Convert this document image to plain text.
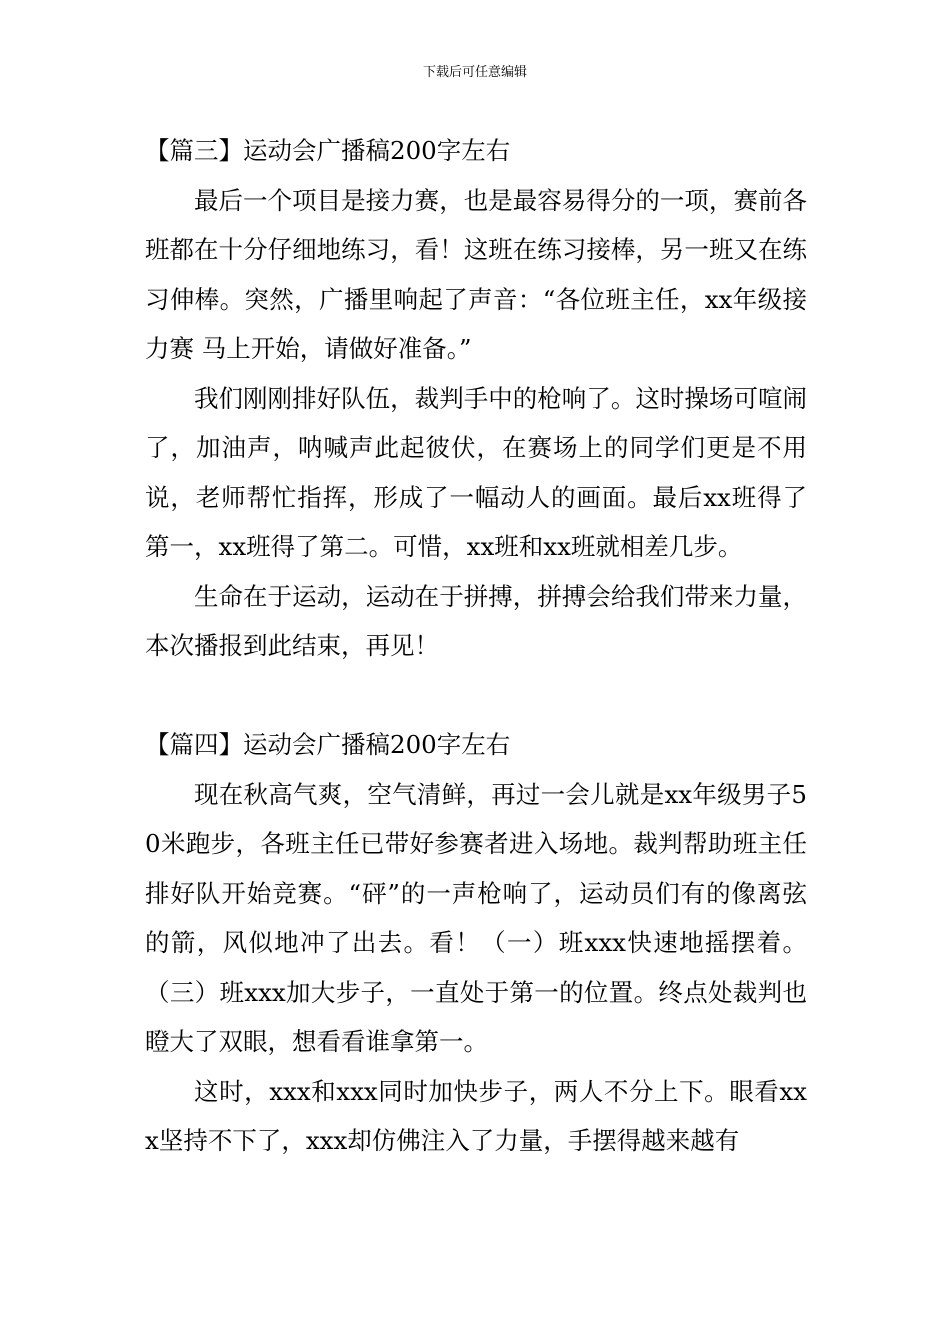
下载后可任意编辑
【篇三】运动会广播稿200字左右

最后一个项目是接力赛，也是最容易得分的一项，赛前各班都在十分仔细地练习，看！这班在练习接棒，另一班又在练习伸棒。突然，广播里响起了声音：“各位班主任，xx年级接力赛 马上开始，请做好准备。”

我们刚刚排好队伍，裁判手中的枪响了。这时操场可喧闹了，加油声，呐喊声此起彼伏，在赛场上的同学们更是不用说，老师帮忙指挥，形成了一幅动人的画面。最后xx班得了第一，xx班得了第二。可惜，xx班和xx班就相差几步。

生命在于运动，运动在于拼搏，拼搏会给我们带来力量，本次播报到此结束，再见！

【篇四】运动会广播稿200字左右

现在秋高气爽，空气清鲜，再过一会儿就是xx年级男子50米跑步，各班主任已带好参赛者进入场地。裁判帮助班主任排好队开始竞赛。“砰”的一声枪响了，运动员们有的像离弦的箭，风似地冲了出去。看！（一）班xxx快速地摇摆着。（三）班xxx加大步子，一直处于第一的位置。终点处裁判也瞪大了双眼，想看看谁拿第一。

这时，xxx和xxx同时加快步子，两人不分上下。眼看xxx坚持不下了，xxx却仿佛注入了力量，手摆得越来越有
